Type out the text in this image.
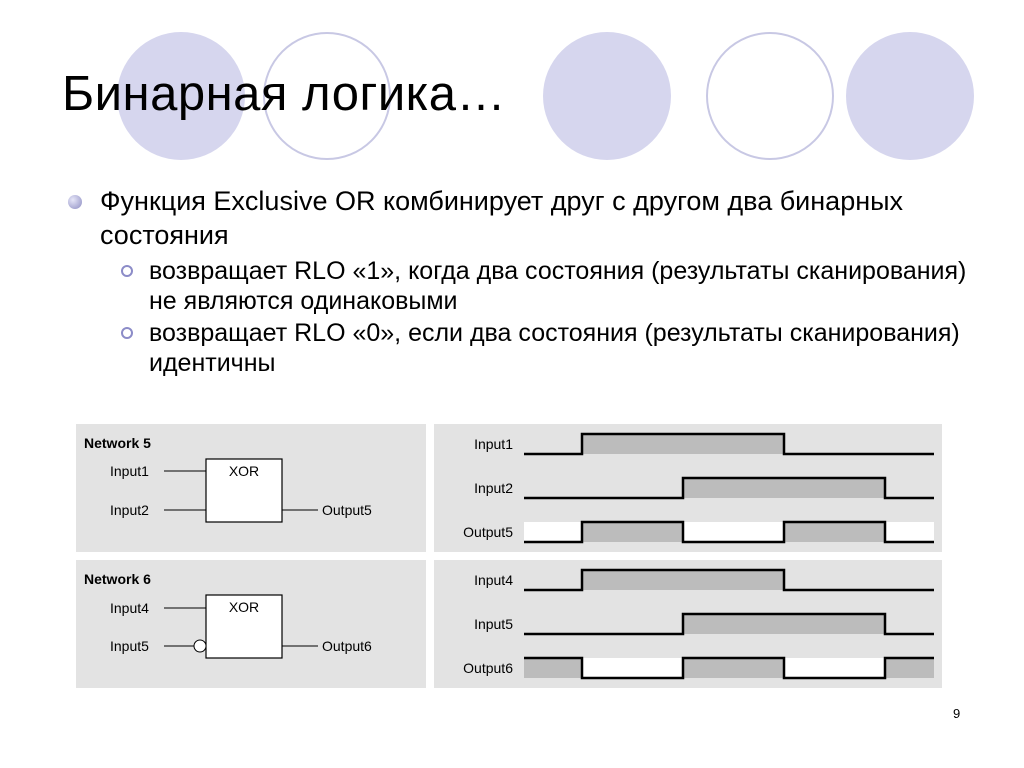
Бинарная логика…
Функция Exclusive OR комбинирует друг с другом два бинарных состояния
возвращает RLO «1», когда два состояния (результаты сканирования) не являются одинаковыми
возвращает RLO «0», если два состояния (результаты сканирования) идентичны
Network 5
XOR
Input1
Input2	Output5
Network 6
XOR
Input4
Input5	Output6
Input1
Input2
Output5
Input4
Input5
Output6
9
